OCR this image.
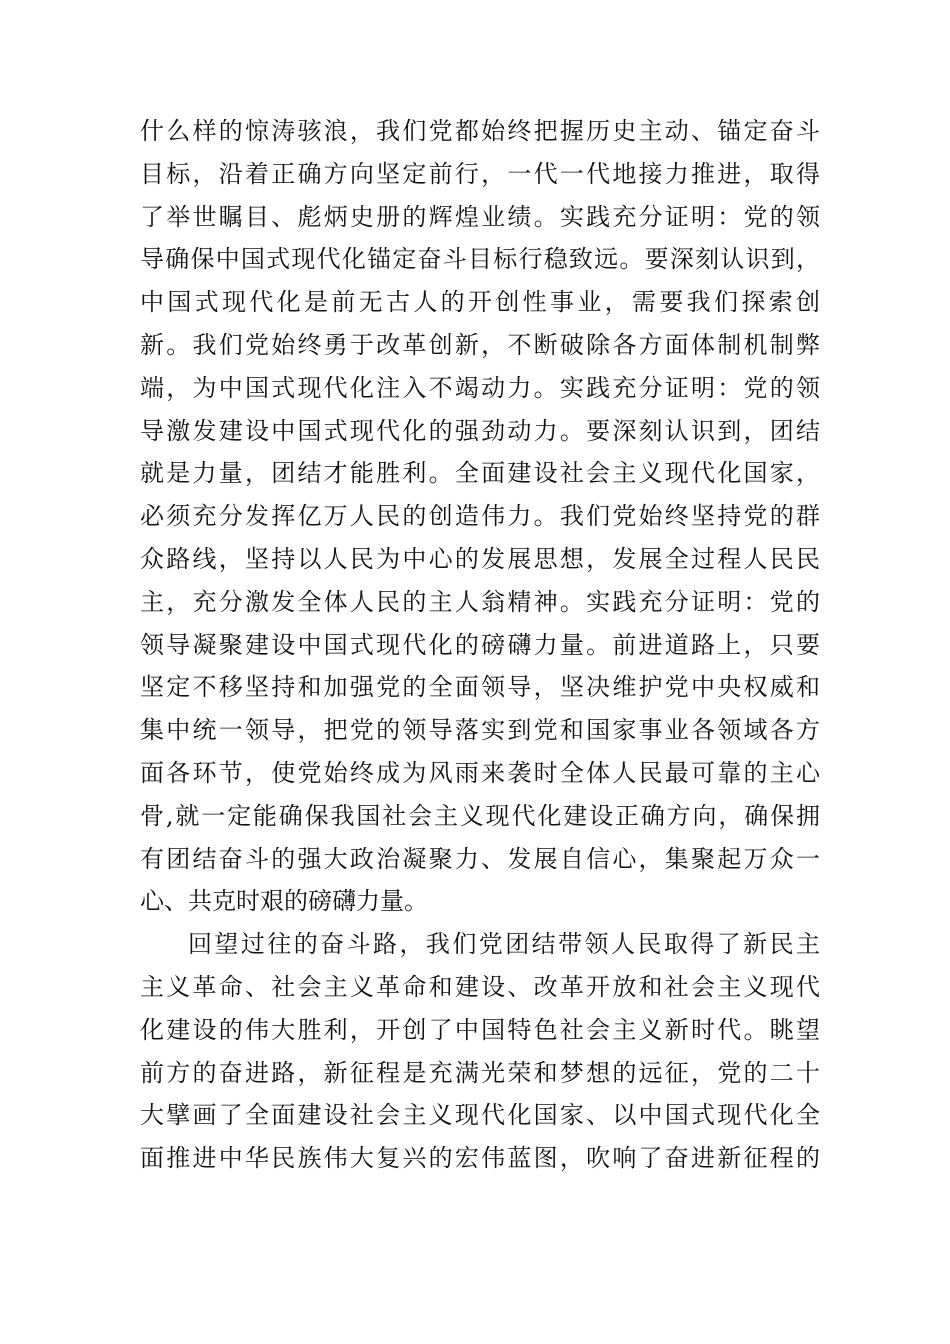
什么样的惊涛骇浪，我们党都始终把握历史主动、锚定奋斗
目标，沿着正确方向坚定前行，一代一代地接力推进，取得
了举世瞩目、彪炳史册的辉煌业绩。实践充分证明：党的领
导确保中国式现代化锚定奋斗目标行稳致远。要深刻认识到，
中国式现代化是前无古人的开创性事业，需要我们探索创
新。我们党始终勇于改革创新，不断破除各方面体制机制弊
端，为中国式现代化注入不竭动力。实践充分证明：党的领
导激发建设中国式现代化的强劲动力。要深刻认识到，团结
就是力量，团结才能胜利。全面建设社会主义现代化国家，
必须充分发挥亿万人民的创造伟力。我们党始终坚持党的群
众路线，坚持以人民为中心的发展思想，发展全过程人民民
主，充分激发全体人民的主人翁精神。实践充分证明：党的
领导凝聚建设中国式现代化的磅礴力量。前进道路上，只要
坚定不移坚持和加强党的全面领导，坚决维护党中央权威和
集中统一领导，把党的领导落实到党和国家事业各领域各方
面各环节，使党始终成为风雨来袭时全体人民最可靠的主心
骨,就一定能确保我国社会主义现代化建设正确方向，确保拥
有团结奋斗的强大政治凝聚力、发展自信心，集聚起万众一
心、共克时艰的磅礴力量。
回望过往的奋斗路，我们党团结带领人民取得了新民主
主义革命、社会主义革命和建设、改革开放和社会主义现代
化建设的伟大胜利，开创了中国特色社会主义新时代。眺望
前方的奋进路，新征程是充满光荣和梦想的远征，党的二十
大擘画了全面建设社会主义现代化国家、以中国式现代化全
面推进中华民族伟大复兴的宏伟蓝图，吹响了奋进新征程的
